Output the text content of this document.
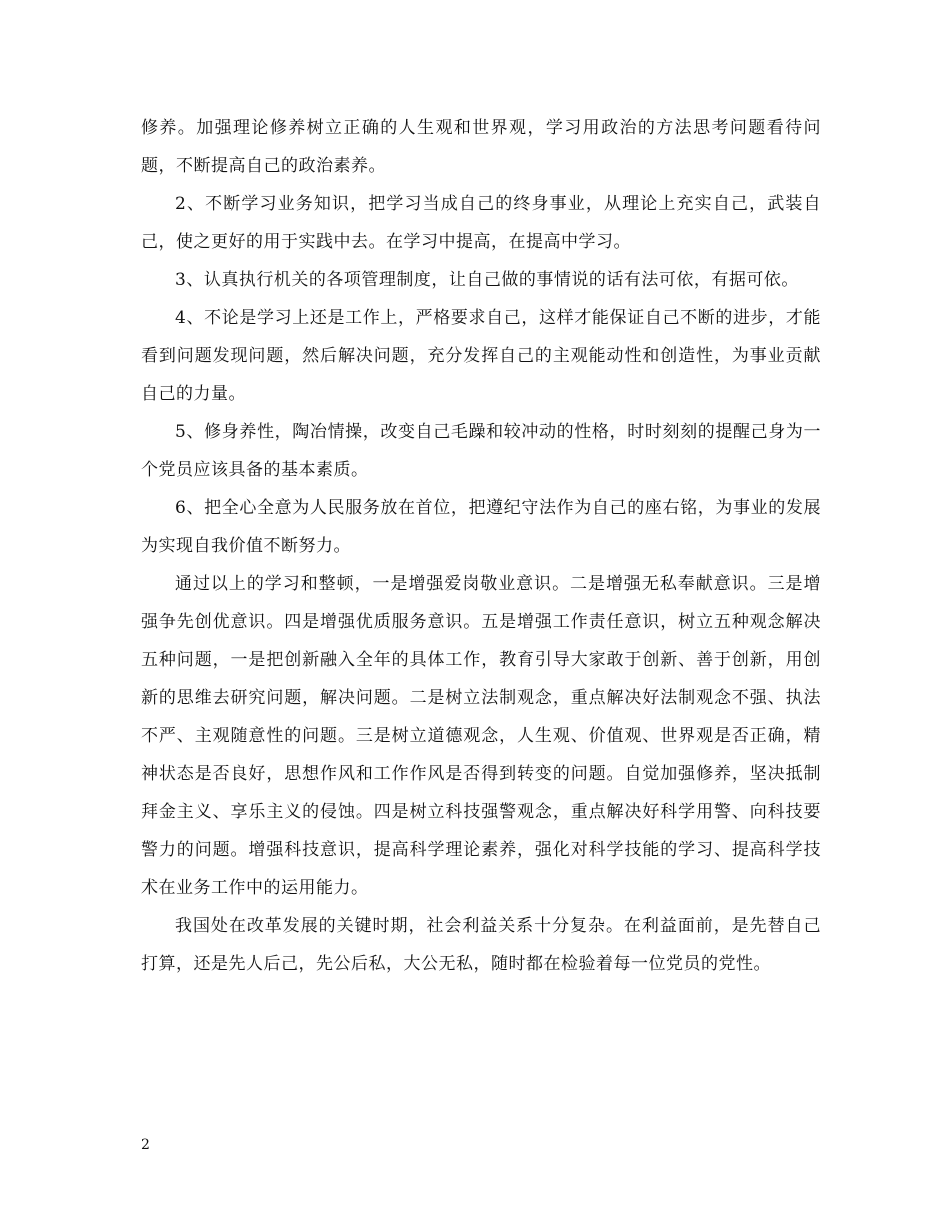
修养。加强理论修养树立正确的人生观和世界观，学习用政治的方法思考问题看待问题，不断提高自己的政治素养。

2、不断学习业务知识，把学习当成自己的终身事业，从理论上充实自己，武装自己，使之更好的用于实践中去。在学习中提高，在提高中学习。

3、认真执行机关的各项管理制度，让自己做的事情说的话有法可依，有据可依。

4、不论是学习上还是工作上，严格要求自己，这样才能保证自己不断的进步，才能看到问题发现问题，然后解决问题，充分发挥自己的主观能动性和创造性，为事业贡献自己的力量。

5、修身养性，陶冶情操，改变自己毛躁和较冲动的性格，时时刻刻的提醒己身为一个党员应该具备的基本素质。

6、把全心全意为人民服务放在首位，把遵纪守法作为自己的座右铭，为事业的发展为实现自我价值不断努力。

通过以上的学习和整顿，一是增强爱岗敬业意识。二是增强无私奉献意识。三是增强争先创优意识。四是增强优质服务意识。五是增强工作责任意识，树立五种观念解决五种问题，一是把创新融入全年的具体工作，教育引导大家敢于创新、善于创新，用创新的思维去研究问题，解决问题。二是树立法制观念，重点解决好法制观念不强、执法不严、主观随意性的问题。三是树立道德观念，人生观、价值观、世界观是否正确，精神状态是否良好，思想作风和工作作风是否得到转变的问题。自觉加强修养，坚决抵制拜金主义、享乐主义的侵蚀。四是树立科技强警观念，重点解决好科学用警、向科技要警力的问题。增强科技意识，提高科学理论素养，强化对科学技能的学习、提高科学技术在业务工作中的运用能力。

我国处在改革发展的关键时期，社会利益关系十分复杂。在利益面前，是先替自己打算，还是先人后己，先公后私，大公无私，随时都在检验着每一位党员的党性。

2
